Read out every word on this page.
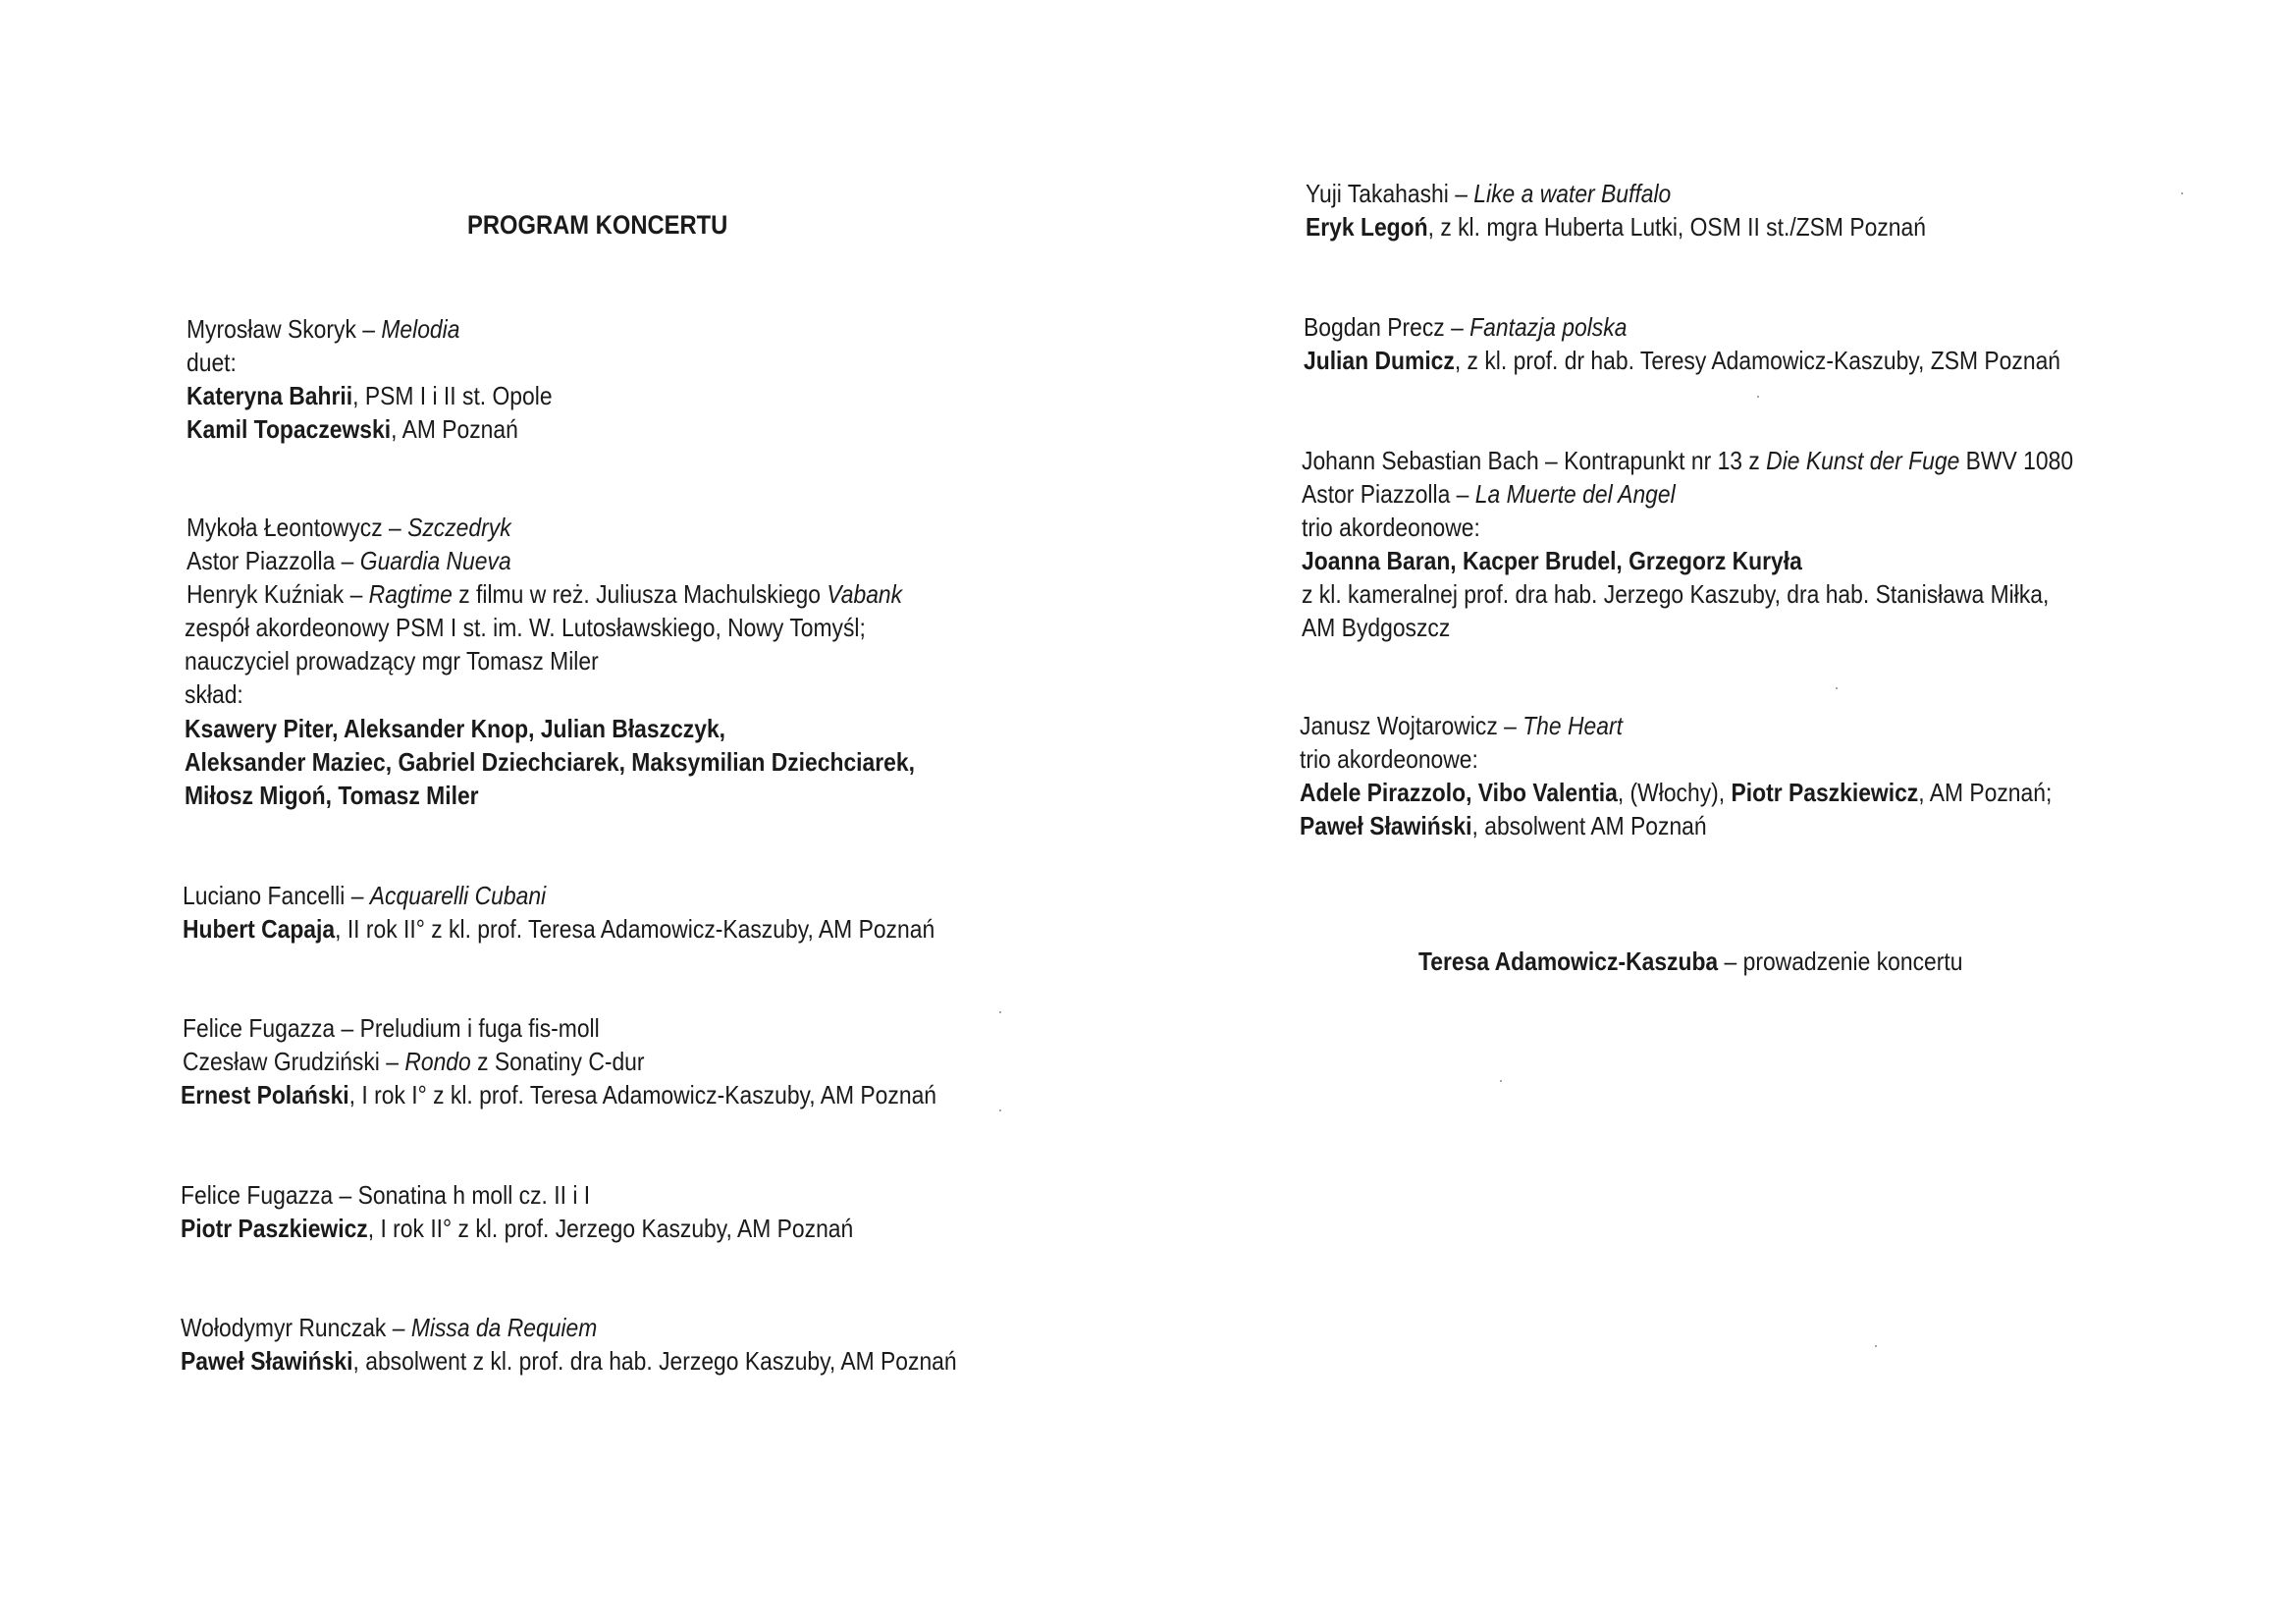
PROGRAM KONCERTU
Myrosław Skoryk – Melodia
duet:
Kateryna Bahrii, PSM I i II st. Opole
Kamil Topaczewski, AM Poznań
Mykoła Łeontowycz – Szczedryk
Astor Piazzolla – Guardia Nueva
Henryk Kuźniak – Ragtime z filmu w reż. Juliusza Machulskiego Vabank
zespół akordeonowy PSM I st. im. W. Lutosławskiego, Nowy Tomyśl;
nauczyciel prowadzący mgr Tomasz Miler
skład:
Ksawery Piter, Aleksander Knop, Julian Błaszczyk,
Aleksander Maziec, Gabriel Dziechciarek, Maksymilian Dziechciarek,
Miłosz Migoń, Tomasz Miler
Luciano Fancelli – Acquarelli Cubani
Hubert Capaja, II rok II° z kl. prof. Teresa Adamowicz-Kaszuby, AM Poznań
Felice Fugazza – Preludium i fuga fis-moll
Czesław Grudziński – Rondo z Sonatiny C-dur
Ernest Polański, I rok I° z kl. prof. Teresa Adamowicz-Kaszuby, AM Poznań
Felice Fugazza – Sonatina h moll cz. II i I
Piotr Paszkiewicz, I rok II° z kl. prof. Jerzego Kaszuby, AM Poznań
Wołodymyr Runczak – Missa da Requiem
Paweł Sławiński, absolwent z kl. prof. dra hab. Jerzego Kaszuby, AM Poznań
Yuji Takahashi – Like a water Buffalo
Eryk Legoń, z kl. mgra Huberta Lutki, OSM II st./ZSM Poznań
Bogdan Precz – Fantazja polska
Julian Dumicz, z kl. prof. dr hab. Teresy Adamowicz-Kaszuby, ZSM Poznań
Johann Sebastian Bach – Kontrapunkt nr 13 z Die Kunst der Fuge BWV 1080
Astor Piazzolla – La Muerte del Angel
trio akordeonowe:
Joanna Baran, Kacper Brudel, Grzegorz Kuryła
z kl. kameralnej prof. dra hab. Jerzego Kaszuby, dra hab. Stanisława Miłka,
AM Bydgoszcz
Janusz Wojtarowicz – The Heart
trio akordeonowe:
Adele Pirazzolo, Vibo Valentia, (Włochy), Piotr Paszkiewicz, AM Poznań;
Paweł Sławiński, absolwent AM Poznań
Teresa Adamowicz-Kaszuba – prowadzenie koncertu
